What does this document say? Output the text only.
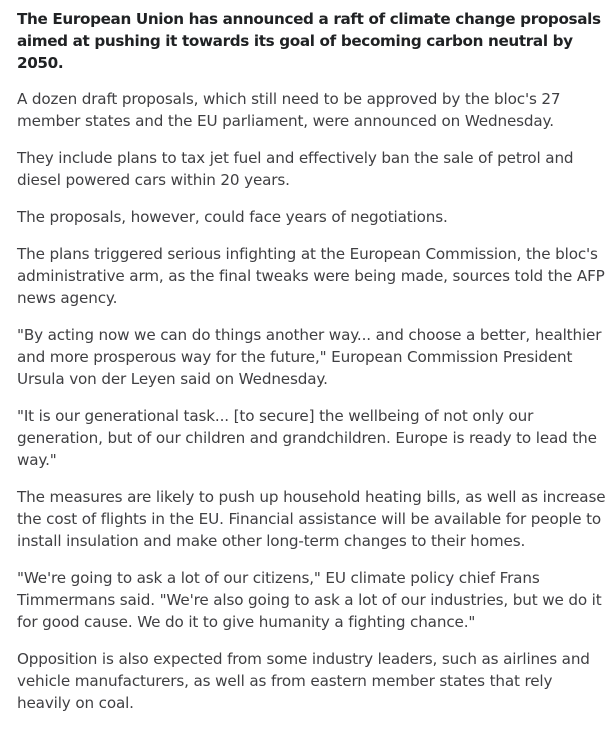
The European Union has announced a raft of climate change proposals aimed at pushing it towards its goal of becoming carbon neutral by 2050.

A dozen draft proposals, which still need to be approved by the bloc's 27 member states and the EU parliament, were announced on Wednesday.

They include plans to tax jet fuel and effectively ban the sale of petrol and diesel powered cars within 20 years.

The proposals, however, could face years of negotiations.

The plans triggered serious infighting at the European Commission, the bloc's administrative arm, as the final tweaks were being made, sources told the AFP news agency.

"By acting now we can do things another way... and choose a better, healthier and more prosperous way for the future," European Commission President Ursula von der Leyen said on Wednesday.

"It is our generational task... [to secure] the wellbeing of not only our generation, but of our children and grandchildren. Europe is ready to lead the way."

The measures are likely to push up household heating bills, as well as increase the cost of flights in the EU. Financial assistance will be available for people to install insulation and make other long-term changes to their homes.

"We're going to ask a lot of our citizens," EU climate policy chief Frans Timmermans said. "We're also going to ask a lot of our industries, but we do it for good cause. We do it to give humanity a fighting chance."

Opposition is also expected from some industry leaders, such as airlines and vehicle manufacturers, as well as from eastern member states that rely heavily on coal.
